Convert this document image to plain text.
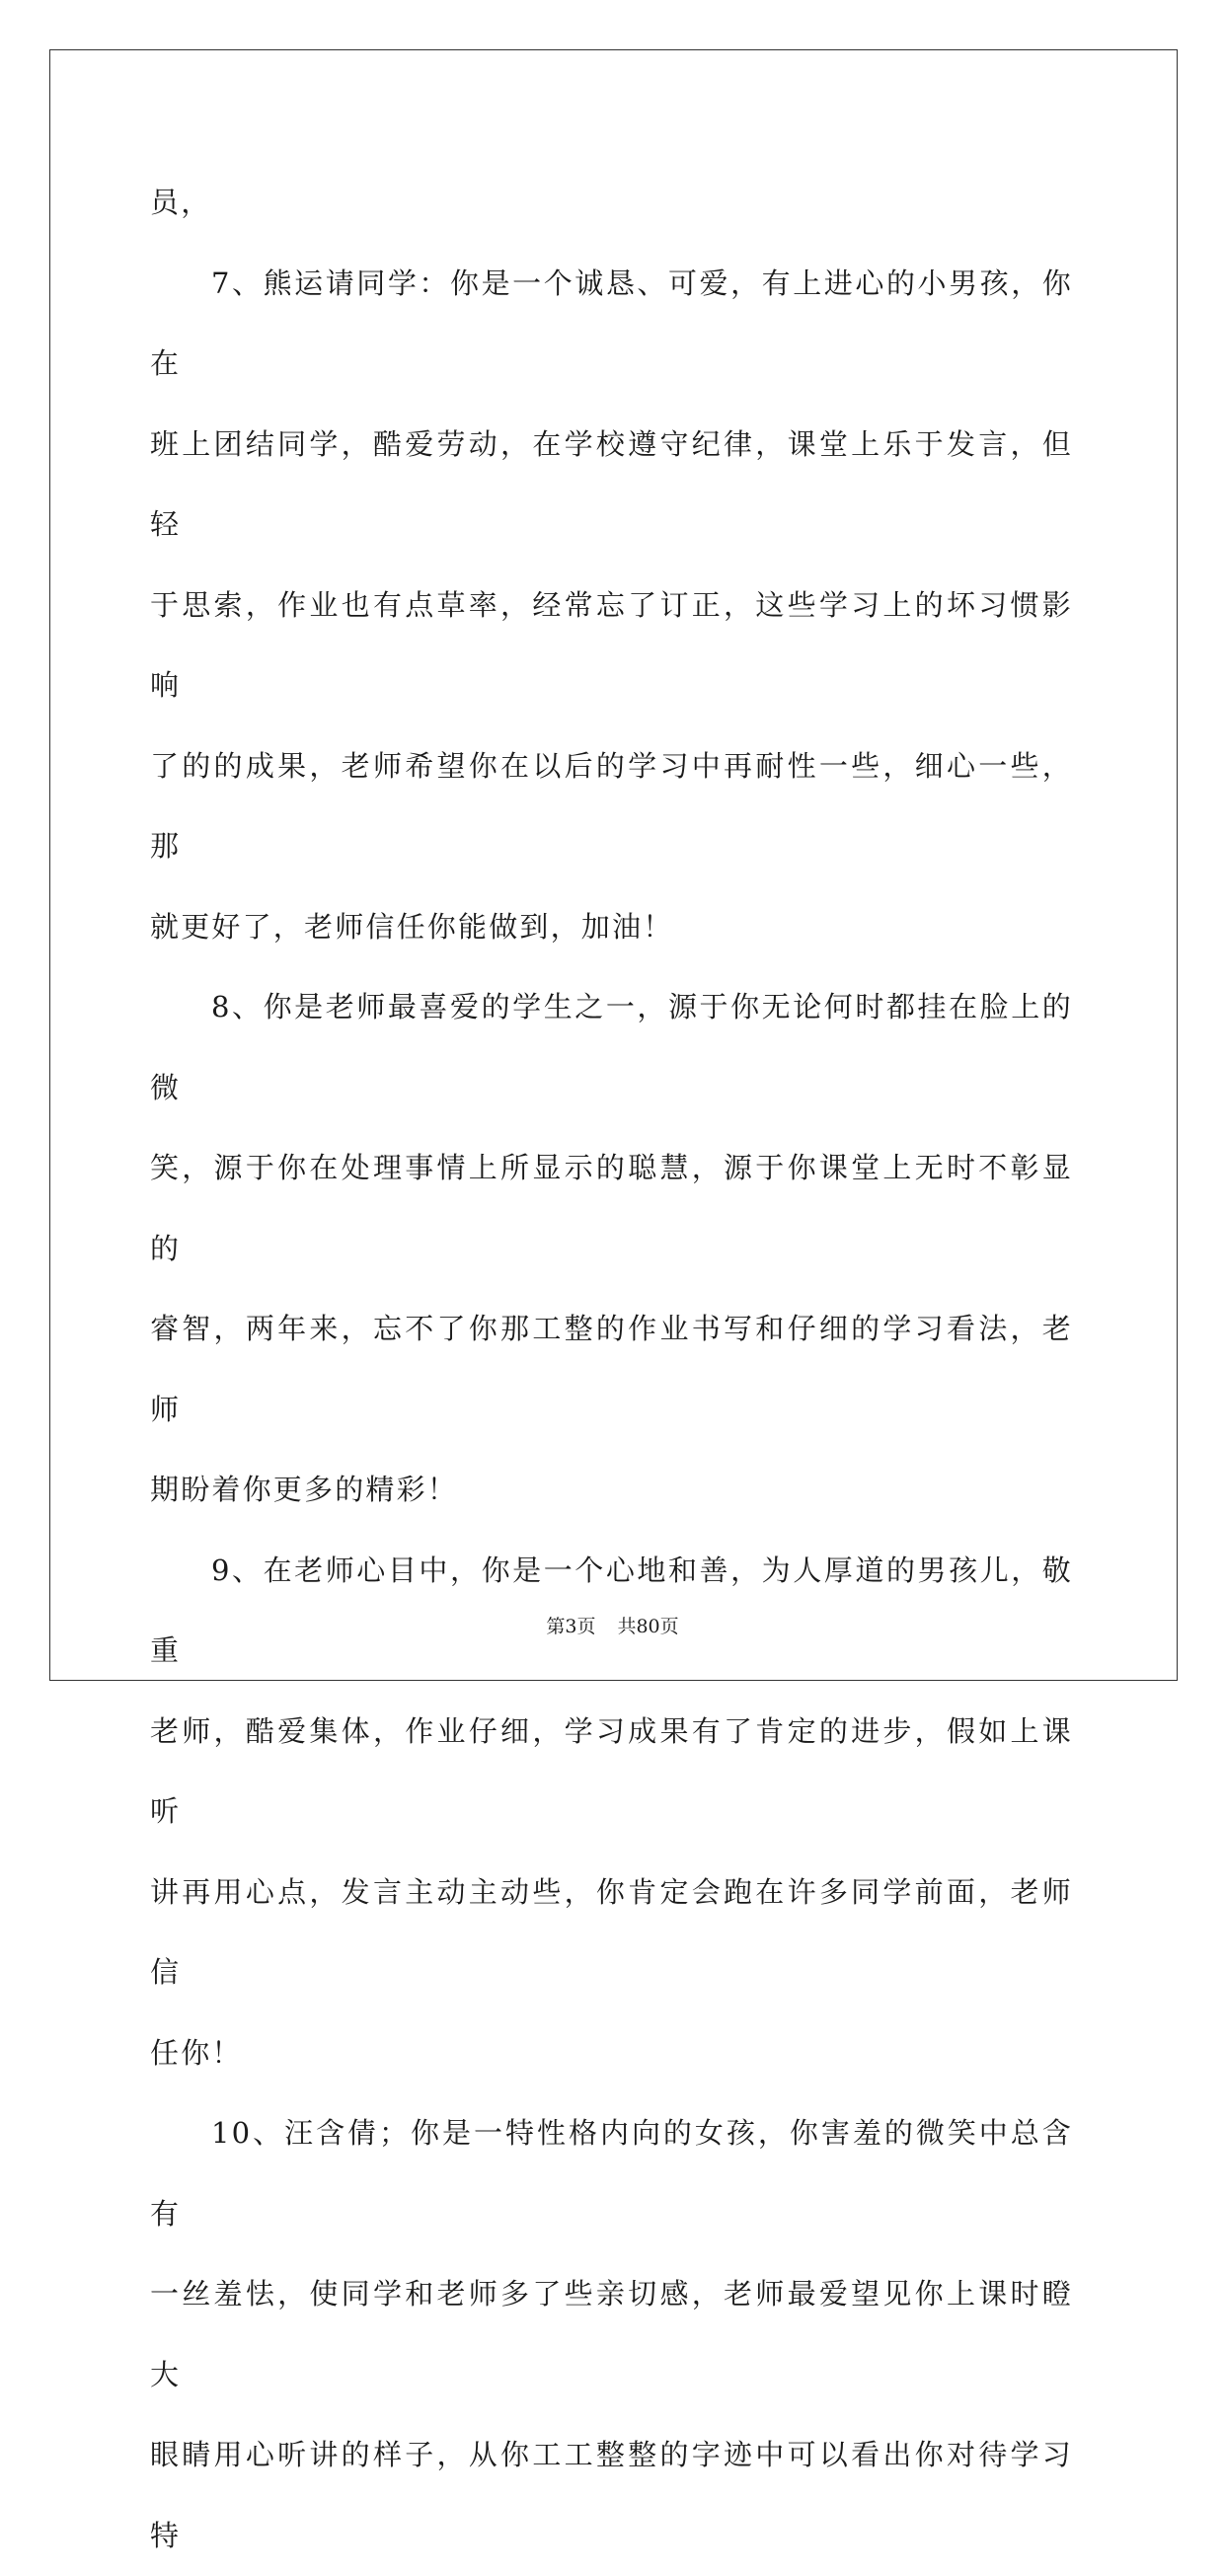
员，

7、熊运请同学：你是一个诚恳、可爱，有上进心的小男孩，你在

班上团结同学，酷爱劳动，在学校遵守纪律，课堂上乐于发言，但轻

于思索，作业也有点草率，经常忘了订正，这些学习上的坏习惯影响

了的的成果，老师希望你在以后的学习中再耐性一些，细心一些，那

就更好了，老师信任你能做到，加油！

8、你是老师最喜爱的学生之一，源于你无论何时都挂在脸上的微

笑，源于你在处理事情上所显示的聪慧，源于你课堂上无时不彰显的

睿智，两年来，忘不了你那工整的作业书写和仔细的学习看法，老师

期盼着你更多的精彩！

9、在老师心目中，你是一个心地和善，为人厚道的男孩儿，敬重

老师，酷爱集体，作业仔细，学习成果有了肯定的进步，假如上课听

讲再用心点，发言主动主动些，你肯定会跑在许多同学前面，老师信

任你！

10、汪含倩；你是一特性格内向的女孩，你害羞的微笑中总含有

一丝羞怯，使同学和老师多了些亲切感，老师最爱望见你上课时瞪大

眼睛用心听讲的样子，从你工工整整的字迹中可以看出你对待学习特

第3页 共80页
